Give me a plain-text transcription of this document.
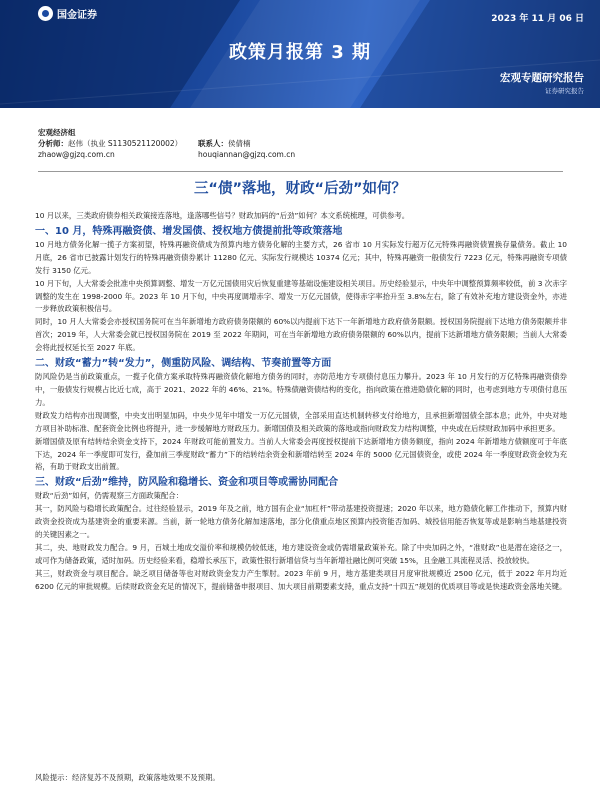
国金证券	2023 年 11 月 06 日
政策月报第 3 期
宏观专题研究报告
证券研究报告
宏观经济组
分析师：赵伟（执业 S1130521120002）	联系人：侯倩楠
zhaow@gjzq.com.cn	houqiannan@gjzq.com.cn
三“债”落地，财政“后劲”如何？

10 月以来，三类政府债券相关政策接连落地，逢落哪些信号？财政加码的“后劲”如何？本文系统梳理，可供参考。

一、10 月，特殊再融资债、增发国债、授权地方债提前批等政策落地

10 月地方债务化解一揽子方案初望，特殊再融资债成为预算内地方债务化解的主要方式，26 省市 10 月实际发行超万亿元特殊再融资债置换存量债务。截止 10 月底，26 省市已披露计划发行的特殊再融资债券累计 11280 亿元、实际发行规模达 10374 亿元；其中，特殊再融资一般债发行 7223 亿元，特殊再融资专项债发行 3150 亿元。

10 月下旬，人大常委会批准中央预算调整、增发一万亿元国债用灾后恢复重建等基础设施建设相关项目。历史经验显示，中央年中调整预算频率较低，前 3 次赤字调整的发生在 1998-2000 年。2023 年 10 月下旬，中央再度调增赤字、增发一万亿元国债，使得赤字率抬升至 3.8%左右，除了有效补充地方建设资金外，亦进一步释放政策积极信号。

同时，10 月人大常委会亦授权国务院可在当年新增地方政府债务限额的 60%以内提前下达下一年新增地方政府债务限额。授权国务院提前下达地方债务限额并非首次；2019 年，人大常委会就已授权国务院在 2019 至 2022 年期间，可在当年新增地方政府债务限额的 60%以内，提前下达新增地方债务限额；当前人大常委会将此授权延长至 2027 年底。

二、财政“蓄力”转“发力”，侧重防风险、调结构、节奏前置等方面

防风险仍是当前政策重点，一揽子化债方案承取特殊再融资债化解地方债务的同时，亦防范地方专项债付息压力攀升。2023 年 10 月发行的万亿特殊再融资债券中，一般债发行规模占比近七成，高于 2021、2022 年的 46%、21%。特殊债融资债结构的变化，指向政策在推进隐债化解的同时，也考虑到地方专项债付息压力。

财政发力结构亦出现调整，中央支出明显加码，中央少见年中增发一万亿元国债，全部采用直达机制转移支付给地方，且承担新增国债全部本息；此外，中央对地方项目补助标准、配套资金比例也将提升，进一步缓解地方财政压力。新增国债及相关政策的落地或指向财政发力结构调整，中央或在后续财政加码中承担更多。

新增国债及原有结转结余资金支持下，2024 年财政可能前置发力。当前人大常委会再度授权提前下达新增地方债务额度，指向 2024 年新增地方债额度可于年底下达，2024 年一季度即可发行，叠加前三季度财政“蓄力”下的结转结余资金和新增结转至 2024 年的 5000 亿元国债资金，或使 2024 年一季度财政资金较为充裕，有助于财政支出前置。

三、财政“后劲”维持，防风险和稳增长、资金和项目等或需协同配合

财政“后劲”如何，仍需观察三方面政策配合：

其一，防风险与稳增长政策配合。过往经验显示，2019 年及之前，地方国有企业“加杠杆”带动基建投资提速；2020 年以来，地方隐债化解工作推动下，预算内财政资金投资成为基建资金的重要来源。当前，新一轮地方债务化解加速落地，部分化债重点地区预算内投资能否加码、城投信用能否恢复等或是影响当地基建投资的关键因素之一。

其二，央、地财政发力配合。9 月，百城土地成交溢价率和规模仍较低迷，地方建设资金或仍需增量政策补充。除了中央加码之外，“准财政”也是潜在途径之一，或可作为储备政策，适时加码。历史经验来看，稳增长承压下，政策性银行新增信贷与当年新增社融比例可突破 15%，且金融工具流程灵活、投放较快。

其三，财政资金与项目配合。缺乏项目储备等也对财政资金发力产生掣肘。2023 年前 9 月，地方基建类项目月度审批规模近 2500 亿元，低于 2022 年月均近 6200 亿元的审批规模。后续财政资金充足的情况下，提前储备申报项目、加大项目前期要素支持，重点支持“十四五”规划的优质项目等或是快速政资金落地关键。

风险提示：经济复苏不及预期，政策落地效果不及预期。
